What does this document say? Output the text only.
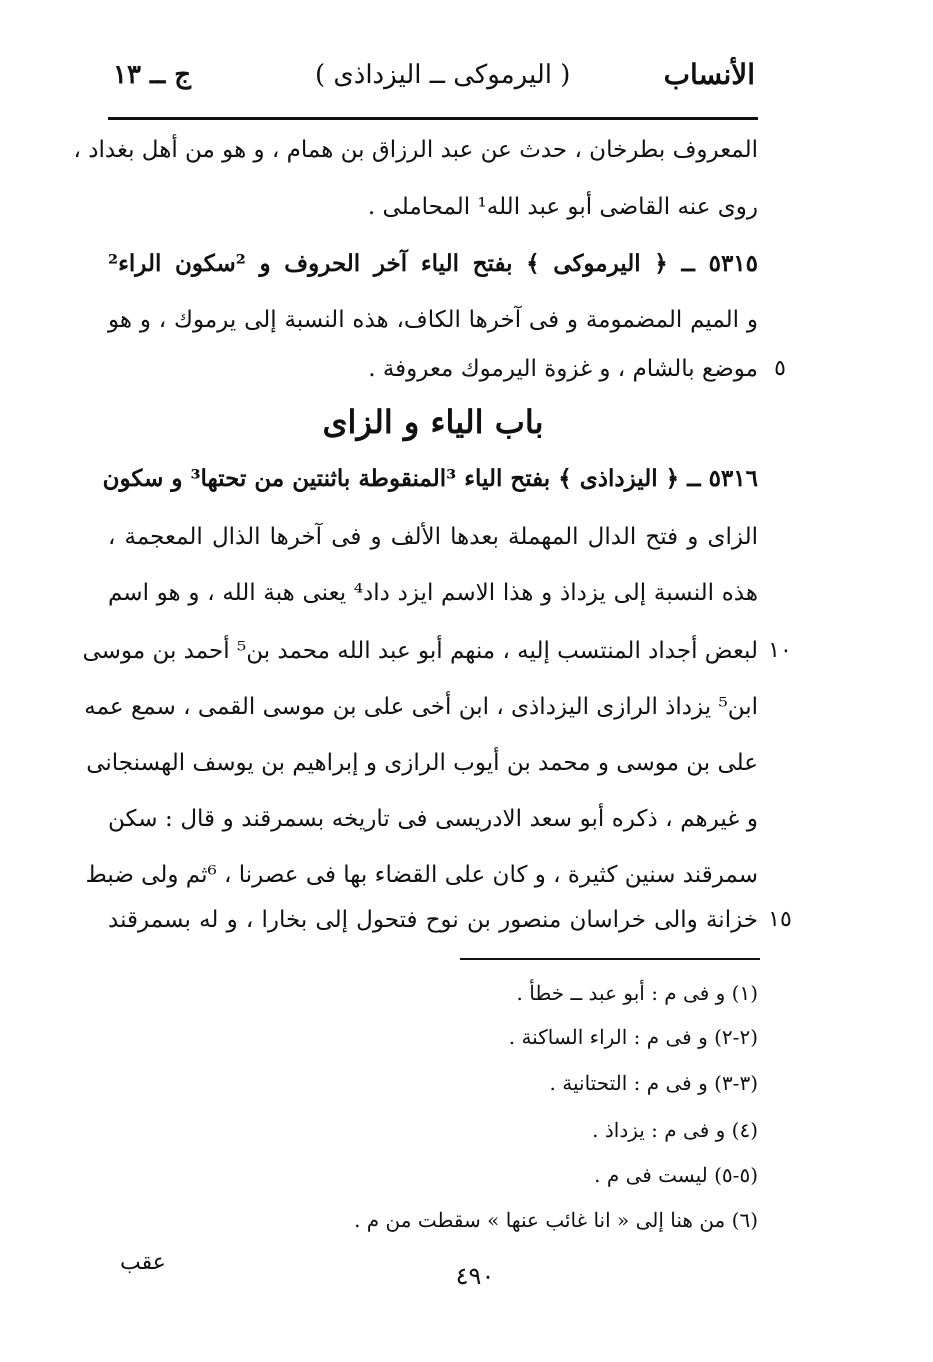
الأنساب
( اليرموكى ــ اليزداذى )
ج ــ ١٣
المعروف بطرخان ، حدث عن عبد الرزاق بن همام ، و هو من أهل بغداد ،
روى عنه القاضى أبو عبد الله¹ المحاملى .
٥٣١٥ ــ ﴿ اليرموكى ﴾ بفتح الياء آخر الحروف و ²سكون الراء²
و الميم المضمومة و فى آخرها الكاف، هذه النسبة إلى يرموك ، و هو
٥
موضع بالشام ، و غزوة اليرموك معروفة .
باب الياء و الزاى
٥٣١٦ ــ ﴿ اليزداذى ﴾ بفتح الياء ³المنقوطة باثنتين من تحتها³ و سكون
الزاى و فتح الدال المهملة بعدها الألف و فى آخرها الذال المعجمة ،
هذه النسبة إلى يزداذ و هذا الاسم ايزد داد⁴ يعنى هبة الله ، و هو اسم
١٠
لبعض أجداد المنتسب إليه ، منهم أبو عبد الله محمد بن⁵ أحمد بن موسى
ابن⁵ يزداذ الرازى اليزداذى ، ابن أخى على بن موسى القمى ، سمع عمه
على بن موسى و محمد بن أيوب الرازى و إبراهيم بن يوسف الهسنجانى
و غيرهم ، ذكره أبو سعد الادريسى فى تاريخه بسمرقند و قال : سكن
سمرقند سنين كثيرة ، و كان على القضاء بها فى عصرنا ، ⁶ثم ولى ضبط
١٥
خزانة والى خراسان منصور بن نوح فتحول إلى بخارا ، و له بسمرقند
(١) و فى م : أبو عبد ــ خطأ .
(٢-٢) و فى م : الراء الساكنة .
(٣-٣) و فى م : التحتانية .
(٤) و فى م : يزداذ .
(٥-٥) ليست فى م .
(٦) من هنا إلى « انا غائب عنها » سقطت من م .
عقب	٤٩٠
